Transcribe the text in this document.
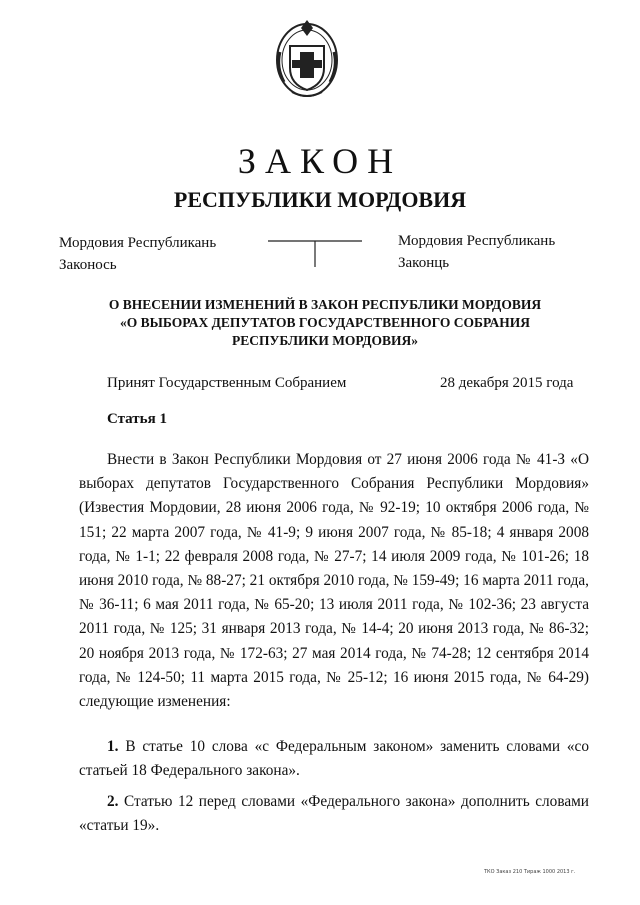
ЗАКОН
РЕСПУБЛИКИ МОРДОВИЯ
Мордовия Республикань
Законось
Мордовия Республикань
Законць
О ВНЕСЕНИИ ИЗМЕНЕНИЙ В ЗАКОН РЕСПУБЛИКИ МОРДОВИЯ
«О ВЫБОРАХ ДЕПУТАТОВ ГОСУДАРСТВЕННОГО СОБРАНИЯ
РЕСПУБЛИКИ МОРДОВИЯ»
Принят Государственным Собранием	28 декабря 2015 года
Статья 1

Внести в Закон Республики Мордовия от 27 июня 2006 года № 41-З «О выборах депутатов Государственного Собрания Республики Мордовия» (Известия Мордовии, 28 июня 2006 года, № 92-19; 10 октября 2006 года, № 151; 22 марта 2007 года, № 41-9; 9 июня 2007 года, № 85-18; 4 января 2008 года, № 1-1; 22 февраля 2008 года, № 27-7; 14 июля 2009 года, № 101-26; 18 июня 2010 года, № 88-27; 21 октября 2010 года, № 159-49; 16 марта 2011 года, № 36-11; 6 мая 2011 года, № 65-20; 13 июля 2011 года, № 102-36; 23 августа 2011 года, № 125; 31 января 2013 года, № 14-4; 20 июня 2013 года, № 86-32; 20 ноября 2013 года, № 172-63; 27 мая 2014 года, № 74-28; 12 сентября 2014 года, № 124-50; 11 марта 2015 года, № 25-12; 16 июня 2015 года, № 64-29) следующие изменения:

1. В статье 10 слова «с Федеральным законом» заменить словами «со статьей 18 Федерального закона».

2. Статью 12 перед словами «Федерального закона» дополнить словами «статьи 19».

ТКО Заказ 210 Тираж 1000 2013 г.
